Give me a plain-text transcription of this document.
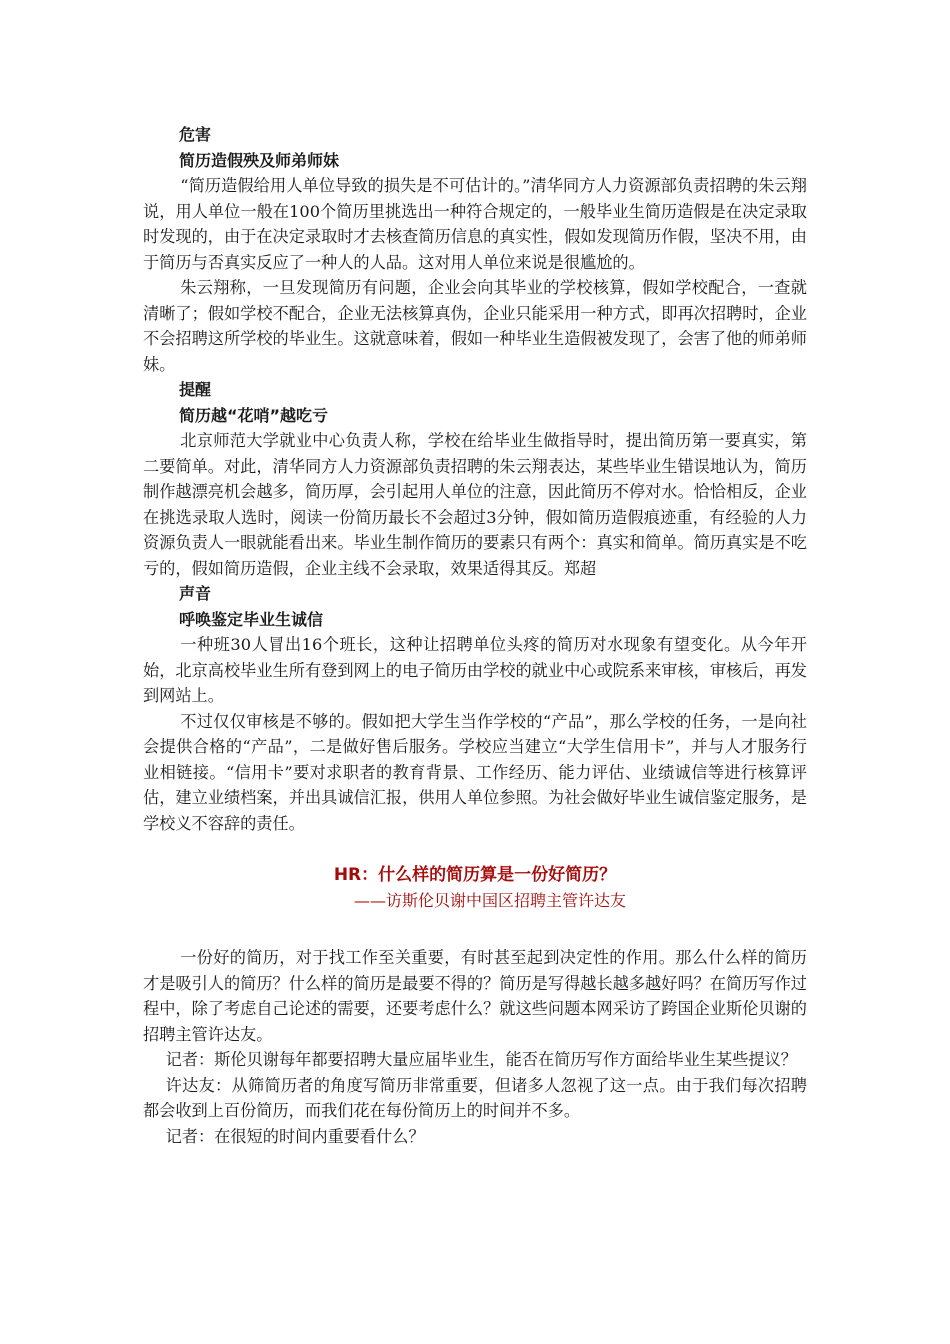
危害

简历造假殃及师弟师妹

“简历造假给用人单位导致的损失是不可估计的。”清华同方人力资源部负责招聘的朱云翔说，用人单位一般在100个简历里挑选出一种符合规定的，一般毕业生简历造假是在决定录取时发现的，由于在决定录取时才去核查简历信息的真实性，假如发现简历作假，坚决不用，由于简历与否真实反应了一种人的人品。这对用人单位来说是很尴尬的。

朱云翔称，一旦发现简历有问题，企业会向其毕业的学校核算，假如学校配合，一查就清晰了；假如学校不配合，企业无法核算真伪，企业只能采用一种方式，即再次招聘时，企业不会招聘这所学校的毕业生。这就意味着，假如一种毕业生造假被发现了，会害了他的师弟师妹。

提醒

简历越“花哨”越吃亏

北京师范大学就业中心负责人称，学校在给毕业生做指导时，提出简历第一要真实，第二要简单。对此，清华同方人力资源部负责招聘的朱云翔表达，某些毕业生错误地认为，简历制作越漂亮机会越多，简历厚，会引起用人单位的注意，因此简历不停对水。恰恰相反，企业在挑选录取人选时，阅读一份简历最长不会超过3分钟，假如简历造假痕迹重，有经验的人力资源负责人一眼就能看出来。毕业生制作简历的要素只有两个：真实和简单。简历真实是不吃亏的，假如简历造假，企业主线不会录取，效果适得其反。郑超

声音

呼唤鉴定毕业生诚信

一种班30人冒出16个班长，这种让招聘单位头疼的简历对水现象有望变化。从今年开始，北京高校毕业生所有登到网上的电子简历由学校的就业中心或院系来审核，审核后，再发到网站上。

不过仅仅审核是不够的。假如把大学生当作学校的“产品”，那么学校的任务，一是向社会提供合格的“产品”，二是做好售后服务。学校应当建立“大学生信用卡”，并与人才服务行业相链接。“信用卡”要对求职者的教育背景、工作经历、能力评估、业绩诚信等进行核算评估，建立业绩档案，并出具诚信汇报，供用人单位参照。为社会做好毕业生诚信鉴定服务，是学校义不容辞的责任。

HR：什么样的简历算是一份好简历？

——访斯伦贝谢中国区招聘主管许达友

一份好的简历，对于找工作至关重要，有时甚至起到决定性的作用。那么什么样的简历才是吸引人的简历？什么样的简历是最要不得的？简历是写得越长越多越好吗？在简历写作过程中，除了考虑自己论述的需要，还要考虑什么？就这些问题本网采访了跨国企业斯伦贝谢的招聘主管许达友。

记者：斯伦贝谢每年都要招聘大量应届毕业生，能否在简历写作方面给毕业生某些提议？

许达友：从筛简历者的角度写简历非常重要，但诸多人忽视了这一点。由于我们每次招聘都会收到上百份简历，而我们花在每份简历上的时间并不多。

记者：在很短的时间内重要看什么？
